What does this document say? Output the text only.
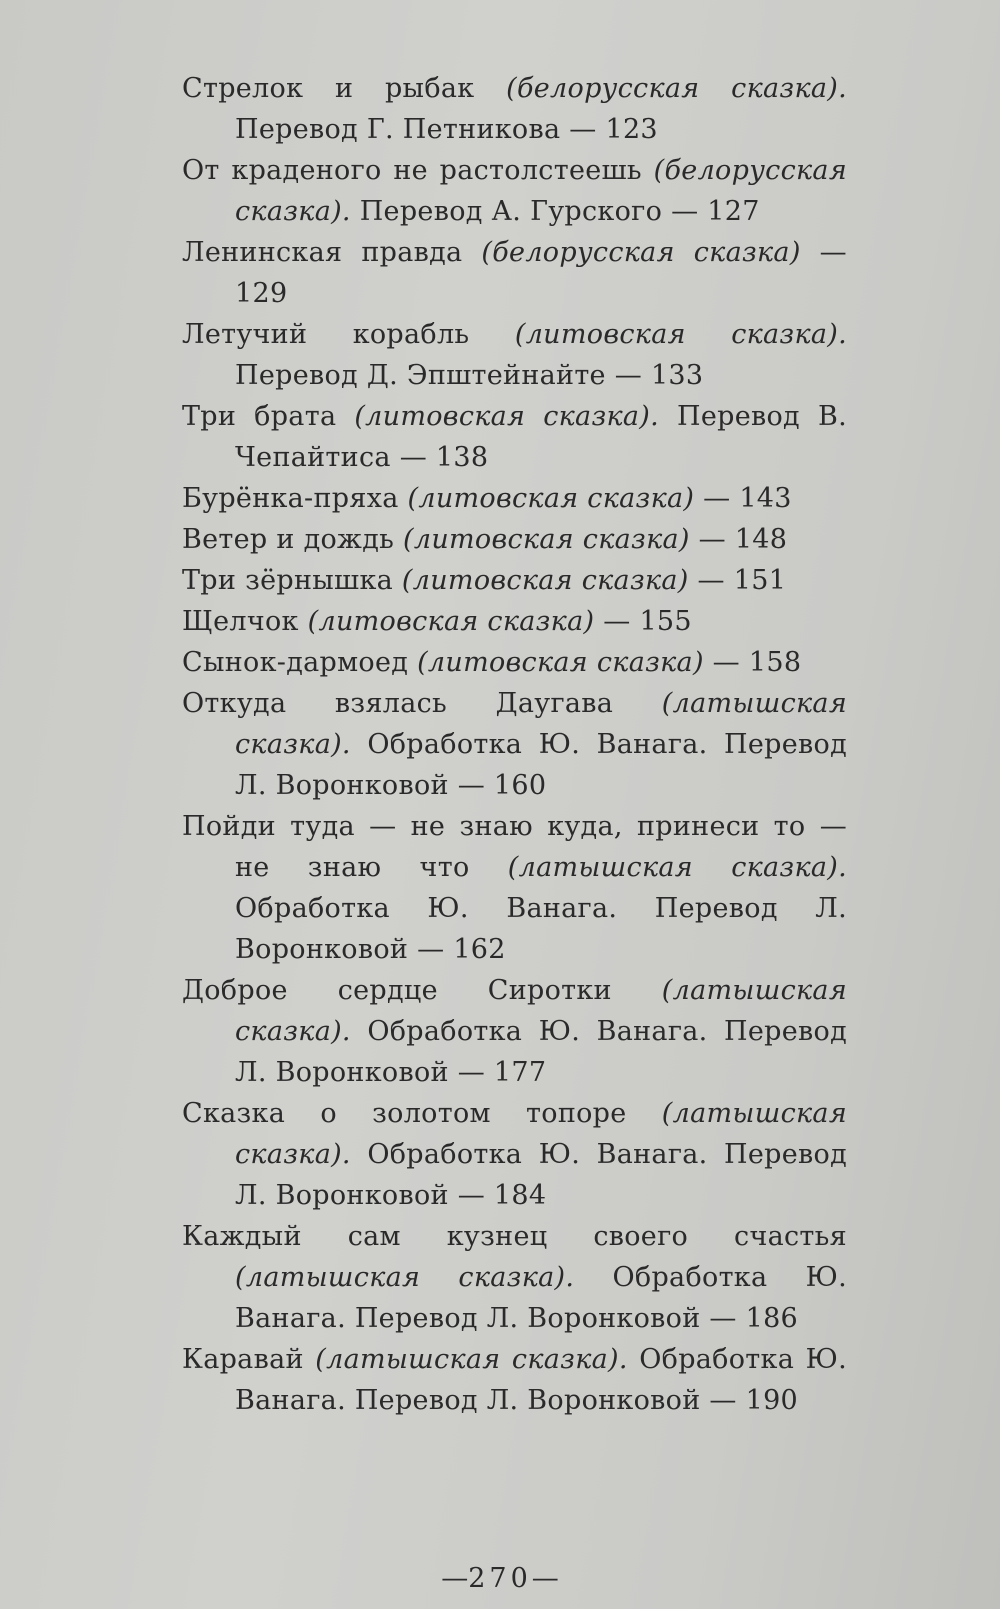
Стрелок и рыбак (белорусская сказка). Перевод Г. Петникова — 123
От краденого не растолстеешь (белорусская сказка). Перевод А. Гурского — 127
Ленинская правда (белорусская сказка) — 129
Летучий корабль (литовская сказка). Перевод Д. Эпштейнайте — 133
Три брата (литовская сказка). Перевод В. Чепайтиса — 138
Бурёнка-пряха (литовская сказка) — 143
Ветер и дождь (литовская сказка) — 148
Три зёрнышка (литовская сказка) — 151
Щелчок (литовская сказка) — 155
Сынок-дармоед (литовская сказка) — 158
Откуда взялась Даугава (латышская сказка). Обработка Ю. Ванага. Перевод Л. Воронковой — 160
Пойди туда — не знаю куда, принеси то — не знаю что (латышская сказка). Обработка Ю. Ванага. Перевод Л. Воронковой — 162
Доброе сердце Сиротки (латышская сказка). Обработка Ю. Ванага. Перевод Л. Воронковой — 177
Сказка о золотом топоре (латышская сказка). Обработка Ю. Ванага. Перевод Л. Воронковой — 184
Каждый сам кузнец своего счастья (латышская сказка). Обработка Ю. Ванага. Перевод Л. Воронковой — 186
Каравай (латышская сказка). Обработка Ю. Ванага. Перевод Л. Воронковой — 190
—270—
